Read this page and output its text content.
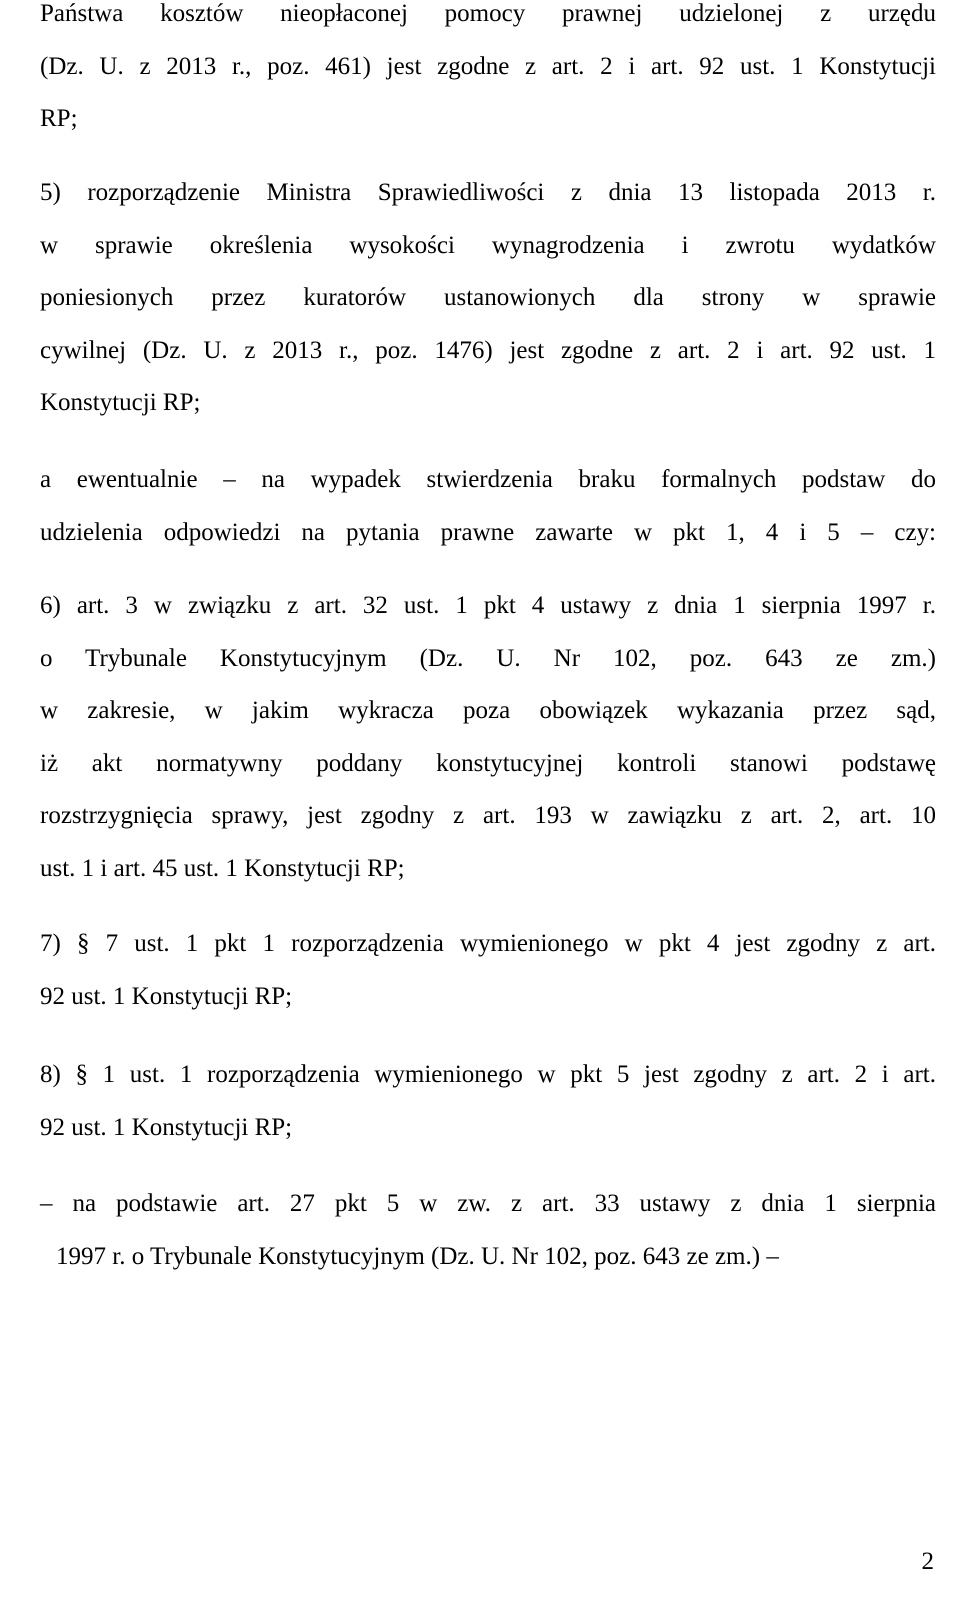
Państwa kosztów nieopłaconej pomocy prawnej udzielonej z urzędu
(Dz. U. z 2013 r., poz. 461) jest zgodne z art. 2 i art. 92 ust. 1 Konstytucji
RP;
5) rozporządzenie Ministra Sprawiedliwości z dnia 13 listopada 2013 r.
w sprawie określenia wysokości wynagrodzenia i zwrotu wydatków
poniesionych przez kuratorów ustanowionych dla strony w sprawie
cywilnej (Dz. U. z 2013 r., poz. 1476) jest zgodne z art. 2 i art. 92 ust. 1
Konstytucji RP;
a ewentualnie – na wypadek stwierdzenia braku formalnych podstaw do
udzielenia odpowiedzi na pytania prawne zawarte w pkt 1, 4 i 5 – czy:
6) art. 3 w związku z art. 32 ust. 1 pkt 4 ustawy z dnia 1 sierpnia 1997 r.
o Trybunale Konstytucyjnym (Dz. U. Nr 102, poz. 643 ze zm.)
w zakresie, w jakim wykracza poza obowiązek wykazania przez sąd,
iż akt normatywny poddany konstytucyjnej kontroli stanowi podstawę
rozstrzygnięcia sprawy, jest zgodny z art. 193 w zawiązku z art. 2, art. 10
ust. 1 i art. 45 ust. 1 Konstytucji RP;
7) § 7 ust. 1 pkt 1 rozporządzenia wymienionego w pkt 4 jest zgodny z art.
92 ust. 1 Konstytucji RP;
8) § 1 ust. 1 rozporządzenia wymienionego w pkt 5 jest zgodny z art. 2 i art.
92 ust. 1 Konstytucji RP;
– na podstawie art. 27 pkt 5 w zw. z art. 33 ustawy z dnia 1 sierpnia
1997 r. o Trybunale Konstytucyjnym (Dz. U. Nr 102, poz. 643 ze zm.) –
2
